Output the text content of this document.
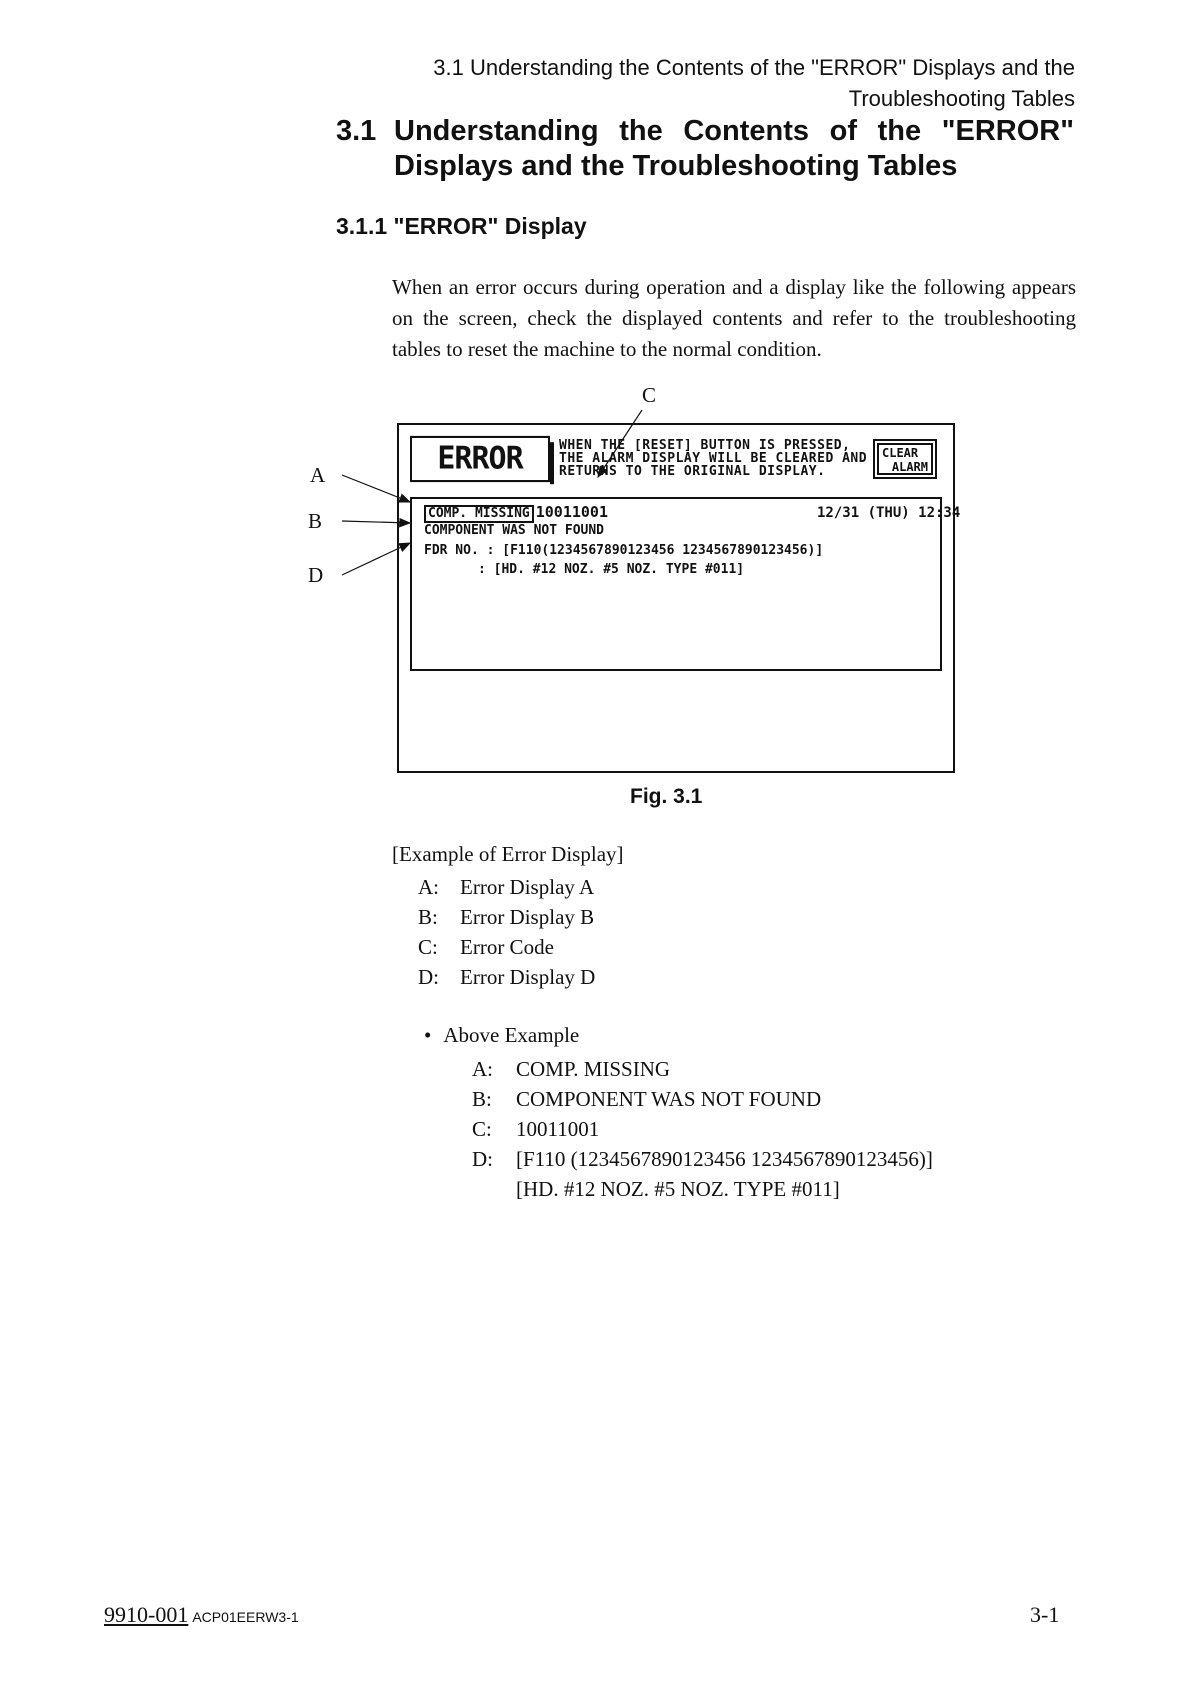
3.1 Understanding the Contents of the "ERROR" Displays and the
Troubleshooting Tables
3.1 Understanding the Contents of the "ERROR" Displays and the Troubleshooting Tables
3.1.1 "ERROR" Display
When an error occurs during operation and a display like the following appears on the screen, check the displayed contents and refer to the troubleshooting tables to reset the machine to the normal condition.
A
B
C
D
ERROR	WHEN THE [RESET] BUTTON IS PRESSED,
THE ALARM DISPLAY WILL BE CLEARED AND
RETURNS TO THE ORIGINAL DISPLAY.
CLEAR
ALARM
COMP. MISSING 10011001	12/31 (THU) 12:34
COMPONENT WAS NOT FOUND
FDR NO. : [F110(1234567890123456 1234567890123456)]
: [HD. #12 NOZ. #5 NOZ. TYPE #011]
Fig. 3.1
[Example of Error Display]
A:	Error Display A
B:	Error Display B
C:	Error Code
D:	Error Display D
• Above Example
A:	COMP. MISSING
B:	COMPONENT WAS NOT FOUND
C:	10011001
D:	[F110 (1234567890123456 1234567890123456)]
[HD. #12 NOZ. #5 NOZ. TYPE #011]
9910-001 ACP01EERW3-1	3-1
